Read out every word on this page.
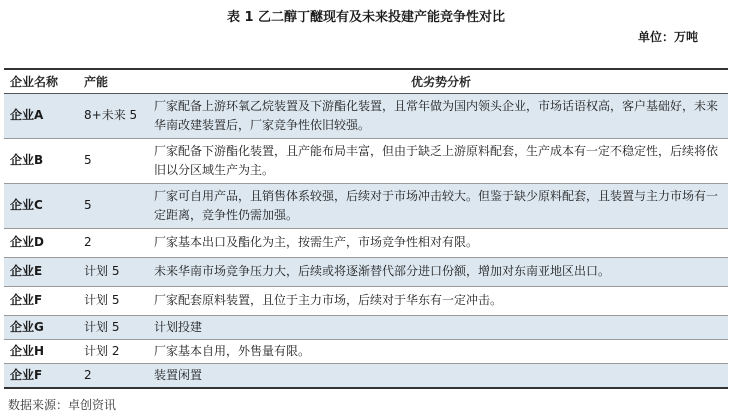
表 1 乙二醇丁醚现有及未来投建产能竞争性对比
单位：万吨
企业名称	产能	优劣势分析
企业A	8+未来 5	厂家配备上游环氧乙烷装置及下游酯化装置，且常年做为国内领头企业，市场话语权高，客户基础好，未来华南改建装置后，厂家竞争性依旧较强。
企业B	5	厂家配备下游酯化装置，且产能布局丰富，但由于缺乏上游原料配套，生产成本有一定不稳定性，后续将依旧以分区域生产为主。
企业C	5	厂家可自用产品，且销售体系较强，后续对于市场冲击较大。但鉴于缺少原料配套，且装置与主力市场有一定距离，竞争性仍需加强。
企业D	2	厂家基本出口及酯化为主，按需生产，市场竞争性相对有限。
企业E	计划 5	未来华南市场竞争压力大，后续或将逐渐替代部分进口份额，增加对东南亚地区出口。
企业F	计划 5	厂家配套原料装置，且位于主力市场，后续对于华东有一定冲击。
企业G	计划 5	计划投建
企业H	计划 2	厂家基本自用，外售量有限。
企业F	2	装置闲置
数据来源：卓创资讯
